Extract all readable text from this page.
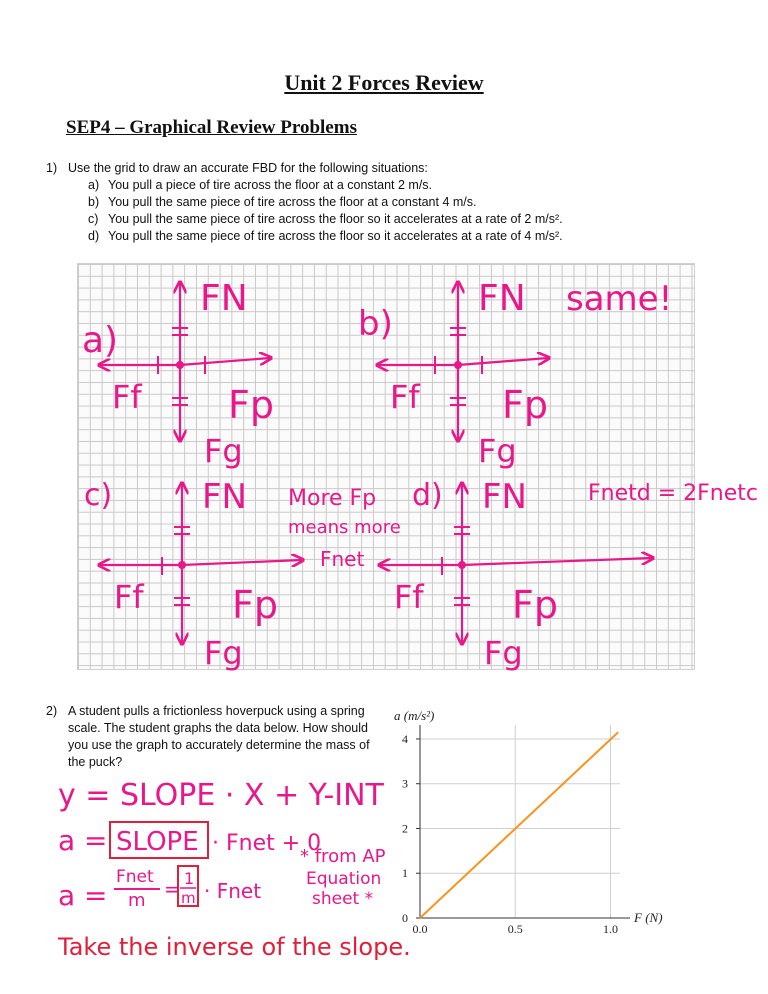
Unit 2 Forces Review
SEP4 – Graphical Review Problems
1) Use the grid to draw an accurate FBD for the following situations:
a) You pull a piece of tire across the floor at a constant 2 m/s.
b) You pull the same piece of tire across the floor at a constant 4 m/s.
c) You pull the same piece of tire across the floor so it accelerates at a rate of 2 m/s².
d) You pull the same piece of tire across the floor so it accelerates at a rate of 4 m/s².
a)	b)
c)	d)
FN
Ff Fp
Fg
FN
Ff Fp
Fg
same!
FN
Ff Fp
Fg
More Fp
means more
Fnet
FN
Ff Fp
Fg
Fnetd = 2Fnetc
y = SLOPE · X + Y-INT
a = SLOPE · Fnet + 0
a =
Fnet
m = 1
m · Fnet
* from AP
Equation
sheet *
Take the inverse of the slope.
2) A student pulls a frictionless hoverpuck using a spring scale. The student graphs the data below. How should you use the graph to accurately determine the mass of the puck?
0.0	0.5	1.0
0
1
2
3
4
a (m/s²)
F (N)
